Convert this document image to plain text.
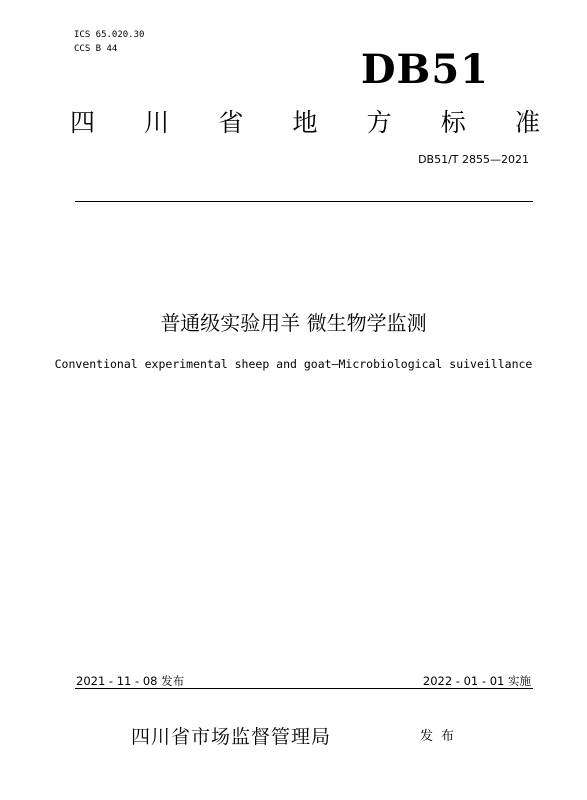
ICS 65.020.30
CCS B 44	DB51
四 川 省 地 方 标 准
DB51/T 2855—2021
普通级实验用羊 微生物学监测
Conventional experimental sheep and goat—Microbiological suiveillance
2021 - 11 - 08 发布	2022 - 01 - 01 实施
四川省市场监督管理局	发布
